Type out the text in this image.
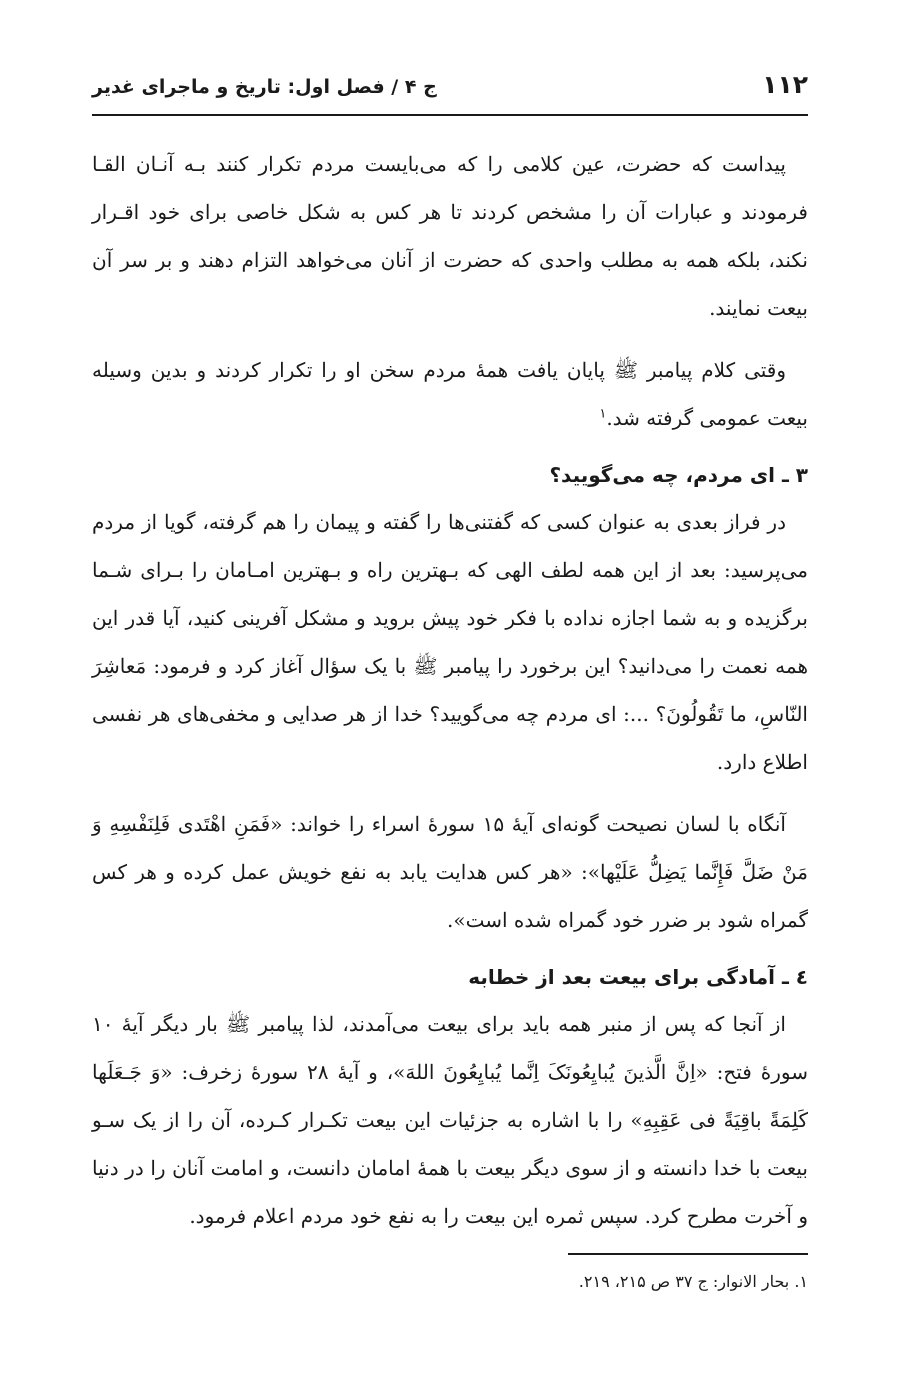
۱۱۲
ج ۴ / فصل اول: تاریخ و ماجرای غدیر

پیداست که حضرت، عین کلامی را که می‌بایست مردم تکرار کنند بـه آنـان القـا فرمودند و عبارات آن را مشخص کردند تا هر کس به شکل خاصی برای خود اقـرار نکند، بلکه همه به مطلب واحدی که حضرت از آنان می‌خواهد التزام دهند و بر سر آن بیعت نمایند.

وقتی کلام پیامبر ﷺ پایان یافت همهٔ مردم سخن او را تکرار کردند و بدین وسیله بیعت عمومی گرفته شد.$^۱$

۳ ـ ای مردم، چه می‌گویید؟

در فراز بعدی به عنوان کسی که گفتنی‌ها را گفته و پیمان را هم گرفته، گویا از مردم می‌پرسید: بعد از این همه لطف الهی که بـهترین راه و بـهترین امـامان را بـرای شـما برگزیده و به شما اجازه نداده با فکر خود پیش بروید و مشکل آفرینی کنید، آیا قدر این همه نعمت را می‌دانید؟ این برخورد را پیامبر ﷺ با یک سؤال آغاز کرد و فرمود: مَعاشِرَ النّاسِ، ما تَقُولُونَ؟ ...: ای مردم چه می‌گویید؟ خدا از هر صدایی و مخفی‌های هر نفسی اطلاع دارد.

آنگاه با لسان نصیحت گونه‌ای آیهٔ ۱۵ سورهٔ اسراء را خواند: «فَمَنِ اهْتَدی فَلِنَفْسِهِ وَ مَنْ ضَلَّ فَإِنَّما یَضِلُّ عَلَیْها»: «هر کس هدایت یابد به نفع خویش عمل کرده و هر کس گمراه شود بر ضرر خود گمراه شده است».

٤ ـ آمادگی برای بیعت بعد از خطابه

از آنجا که پس از منبر همه باید برای بیعت می‌آمدند، لذا پیامبر ﷺ بار دیگر آیهٔ ۱۰ سورهٔ فتح: «اِنَّ الَّذینَ یُبایِعُونَکَ اِنَّما یُبایِعُونَ اللهَ»، و آیهٔ ۲۸ سورهٔ زخرف: «وَ جَـعَلَها کَلِمَةً باقِیَةً فی عَقِبِهِ» را با اشاره به جزئیات این بیعت تکـرار کـرده، آن را از یک سـو بیعت با خدا دانسته و از سوی دیگر بیعت با همهٔ امامان دانست، و امامت آنان را در دنیا و آخرت مطرح کرد. سپس ثمره این بیعت را به نفع خود مردم اعلام فرمود.

۱. بحار الانوار: ج ۳۷ ص ۲۱۵، ۲۱۹.
